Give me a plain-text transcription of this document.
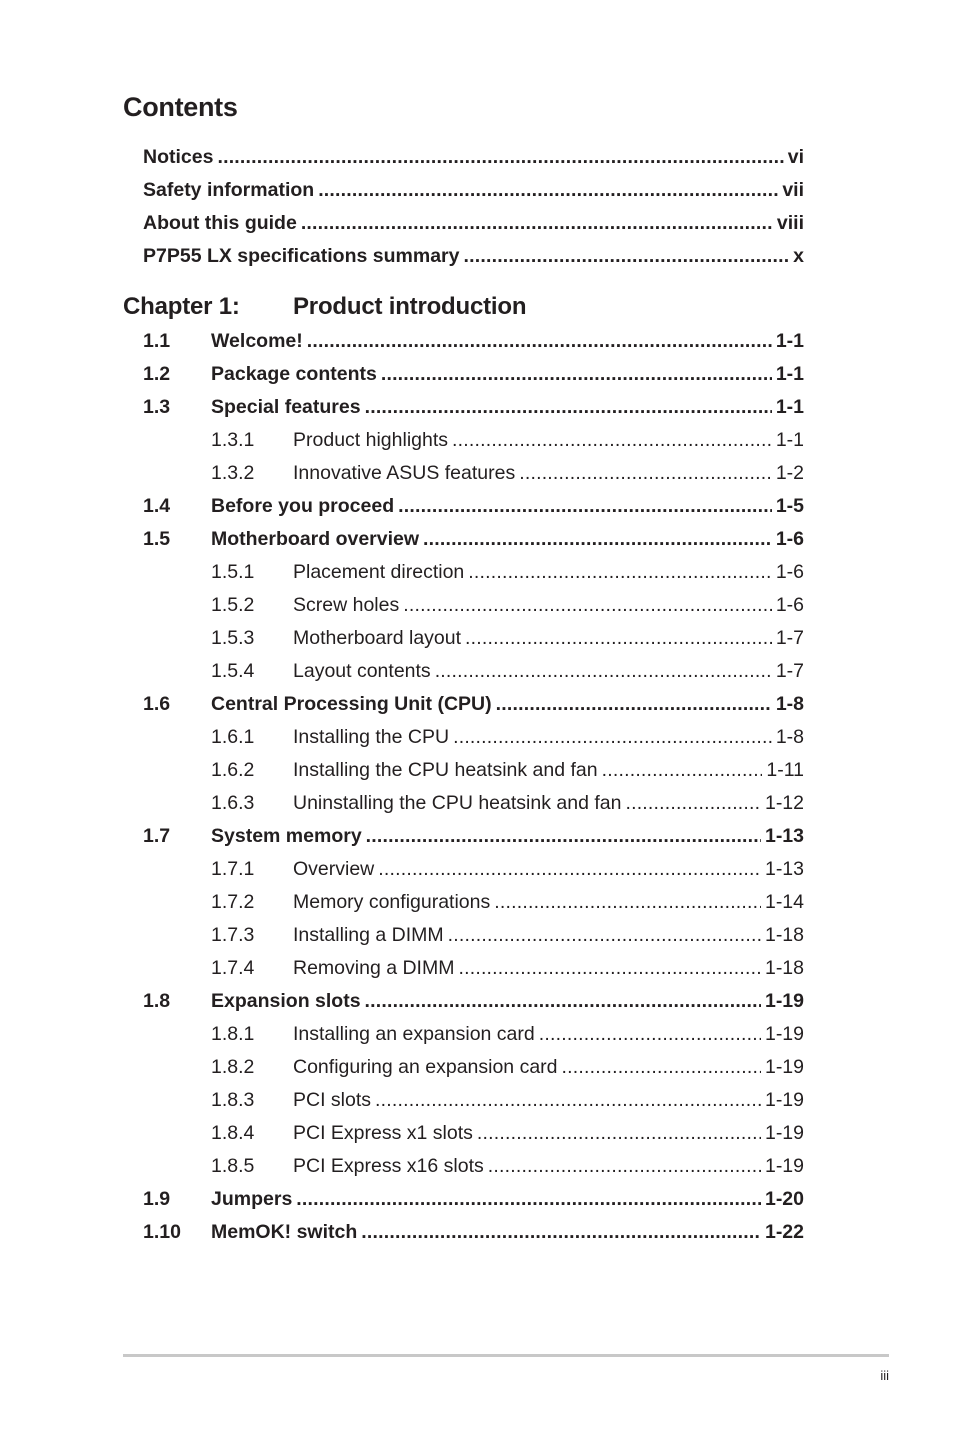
Contents
Notices .....	vi
Safety information .....	vii
About this guide .....	viii
P7P55 LX specifications summary .....	x
Chapter 1: Product introduction
1.1 Welcome! .....	1-1
1.2 Package contents .....	1-1
1.3 Special features .....	1-1
1.3.1 Product highlights .....	1-1
1.3.2 Innovative ASUS features .....	1-2
1.4 Before you proceed .....	1-5
1.5 Motherboard overview .....	1-6
1.5.1 Placement direction .....	1-6
1.5.2 Screw holes .....	1-6
1.5.3 Motherboard layout .....	1-7
1.5.4 Layout contents .....	1-7
1.6 Central Processing Unit (CPU) .....	1-8
1.6.1 Installing the CPU .....	1-8
1.6.2 Installing the CPU heatsink and fan .....	1-11
1.6.3 Uninstalling the CPU heatsink and fan .....	1-12
1.7 System memory .....	1-13
1.7.1 Overview .....	1-13
1.7.2 Memory configurations .....	1-14
1.7.3 Installing a DIMM .....	1-18
1.7.4 Removing a DIMM .....	1-18
1.8 Expansion slots .....	1-19
1.8.1 Installing an expansion card .....	1-19
1.8.2 Configuring an expansion card .....	1-19
1.8.3 PCI slots .....	1-19
1.8.4 PCI Express x1 slots .....	1-19
1.8.5 PCI Express x16 slots .....	1-19
1.9 Jumpers .....	1-20
1.10 MemOK! switch .....	1-22
iii
